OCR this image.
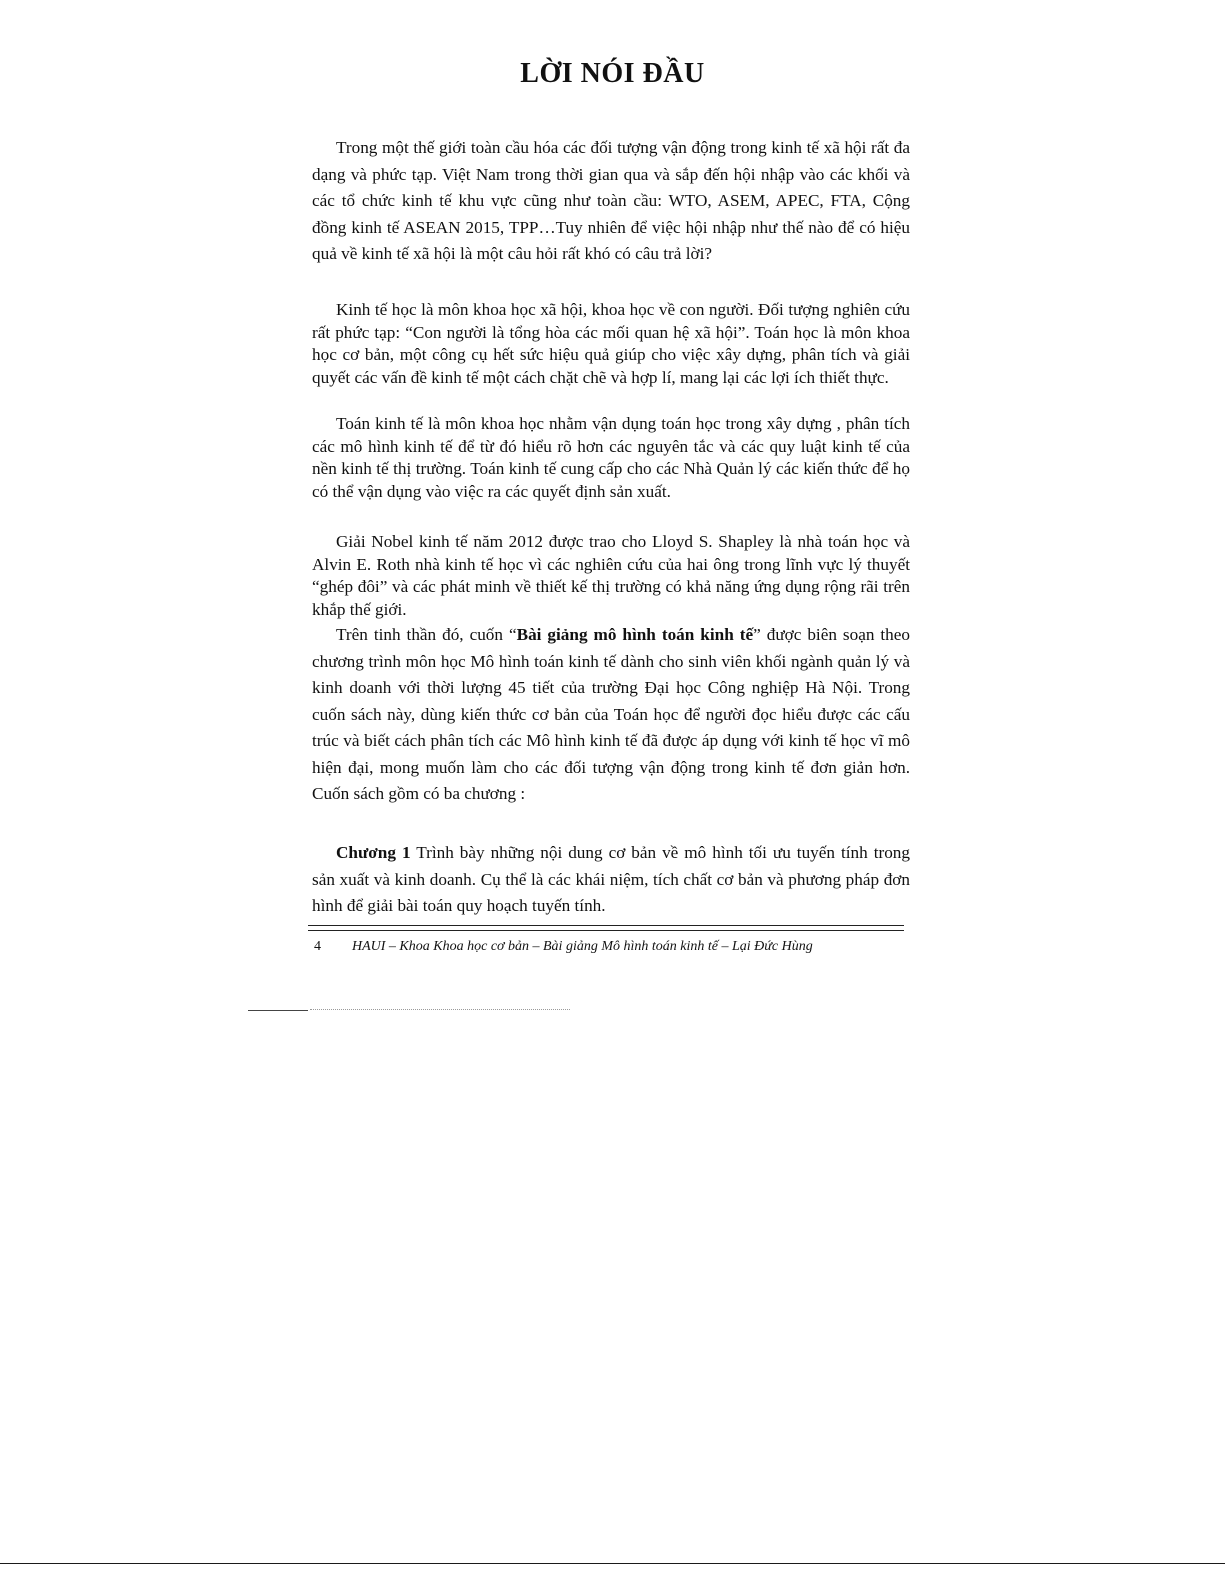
LỜI NÓI ĐẦU

Trong một thế giới toàn cầu hóa các đối tượng vận động trong kinh tế xã hội rất đa dạng và phức tạp. Việt Nam trong thời gian qua và sắp đến hội nhập vào các khối và các tổ chức kinh tế khu vực cũng như toàn cầu: WTO, ASEM, APEC, FTA, Cộng đồng kinh tế ASEAN 2015, TPP…Tuy nhiên để việc hội nhập như thế nào để có hiệu quả về kinh tế xã hội là một câu hỏi rất khó có câu trả lời?

Kinh tế học là môn khoa học xã hội, khoa học về con người. Đối tượng nghiên cứu rất phức tạp: “Con người là tổng hòa các mối quan hệ xã hội”. Toán học là môn khoa học cơ bản, một công cụ hết sức hiệu quả giúp cho việc xây dựng, phân tích và giải quyết các vấn đề kinh tế một cách chặt chẽ và hợp lí, mang lại các lợi ích thiết thực.

Toán kinh tế là môn khoa học nhằm vận dụng toán học trong xây dựng , phân tích các mô hình kinh tế để từ đó hiểu rõ hơn các nguyên tắc và các quy luật kinh tế của nền kinh tế thị trường. Toán kinh tế cung cấp cho các Nhà Quản lý các kiến thức để họ có thể vận dụng vào việc ra các quyết định sản xuất.

Giải Nobel kinh tế năm 2012 được trao cho Lloyd S. Shapley là nhà toán học và Alvin E. Roth nhà kinh tế học vì các nghiên cứu của hai ông trong lĩnh vực lý thuyết “ghép đôi” và các phát minh về thiết kế thị trường có khả năng ứng dụng rộng rãi trên khắp thế giới.

Trên tinh thần đó, cuốn “Bài giảng mô hình toán kinh tế” được biên soạn theo chương trình môn học Mô hình toán kinh tế dành cho sinh viên khối ngành quản lý và kinh doanh với thời lượng 45 tiết của trường Đại học Công nghiệp Hà Nội. Trong cuốn sách này, dùng kiến thức cơ bản của Toán học để người đọc hiểu được các cấu trúc và biết cách phân tích các Mô hình kinh tế đã được áp dụng với kinh tế học vĩ mô hiện đại, mong muốn làm cho các đối tượng vận động trong kinh tế đơn giản hơn. Cuốn sách gồm có ba chương :

Chương 1 Trình bày những nội dung cơ bản về mô hình tối ưu tuyến tính trong sản xuất và kinh doanh. Cụ thể là các khái niệm, tích chất cơ bản và phương pháp đơn hình để giải bài toán quy hoạch tuyến tính.

4 HAUI – Khoa Khoa học cơ bản – Bài giảng Mô hình toán kinh tế – Lại Đức Hùng
